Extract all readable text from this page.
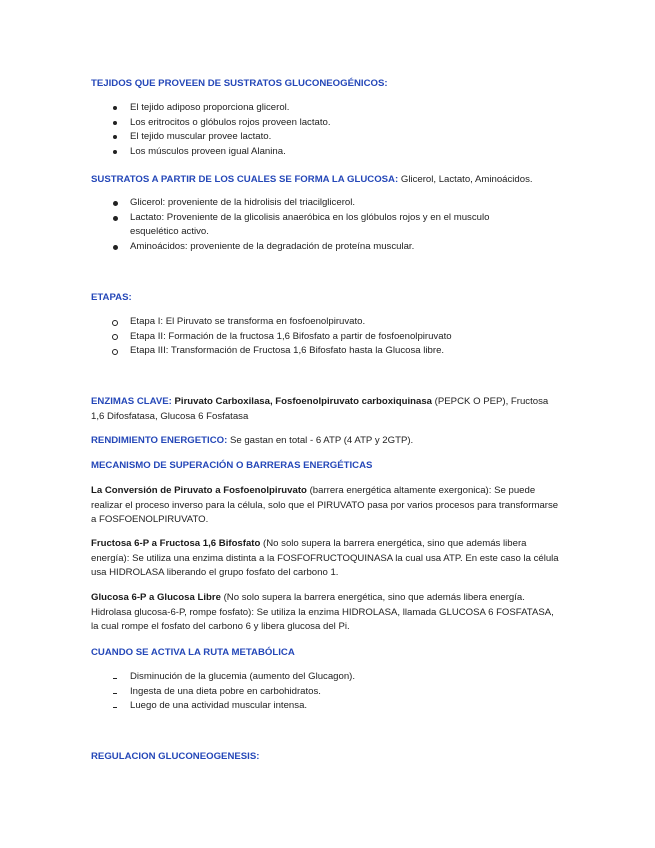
TEJIDOS QUE PROVEEN DE SUSTRATOS GLUCONEOGÉNICOS:
El tejido adiposo proporciona glicerol.
Los eritrocitos o glóbulos rojos proveen lactato.
El tejido muscular provee lactato.
Los músculos proveen igual Alanina.

SUSTRATOS A PARTIR DE LOS CUALES SE FORMA LA GLUCOSA: Glicerol, Lactato, Aminoácidos.

Glicerol: proveniente de la hidrolisis del triacilglicerol.
Lactato: Proveniente de la glicolisis anaeróbica en los glóbulos rojos y en el musculo esquelético activo.
Aminoácidos: proveniente de la degradación de proteína muscular.
ETAPAS:
Etapa I: El Piruvato se transforma en fosfoenolpiruvato.
Etapa II: Formación de la fructosa 1,6 Bifosfato a partir de fosfoenolpiruvato
Etapa III: Transformación de Fructosa 1,6 Bifosfato hasta la Glucosa libre.

ENZIMAS CLAVE: Piruvato Carboxilasa, Fosfoenolpiruvato carboxiquinasa (PEPCK O PEP), Fructosa 1,6 Difosfatasa, Glucosa 6 Fosfatasa

RENDIMIENTO ENERGETICO: Se gastan en total - 6 ATP (4 ATP y 2GTP).

MECANISMO DE SUPERACIÓN O BARRERAS ENERGÉTICAS

La Conversión de Piruvato a Fosfoenolpiruvato (barrera energética altamente exergonica): Se puede realizar el proceso inverso para la célula, solo que el PIRUVATO pasa por varios procesos para transformarse a FOSFOENOLPIRUVATO.

Fructosa 6-P a Fructosa 1,6 Bifosfato (No solo supera la barrera energética, sino que además libera energía): Se utiliza una enzima distinta a la FOSFOFRUCTOQUINASA la cual usa ATP. En este caso la célula usa HIDROLASA liberando el grupo fosfato del carbono 1.

Glucosa 6-P a Glucosa Libre (No solo supera la barrera energética, sino que además libera energía. Hidrolasa glucosa-6-P, rompe fosfato): Se utiliza la enzima HIDROLASA, llamada GLUCOSA 6 FOSFATASA, la cual rompe el fosfato del carbono 6 y libera glucosa del Pi.

CUANDO SE ACTIVA LA RUTA METABÓLICA
Disminución de la glucemia (aumento del Glucagon).
Ingesta de una dieta pobre en carbohidratos.
Luego de una actividad muscular intensa.
REGULACION GLUCONEOGENESIS:
